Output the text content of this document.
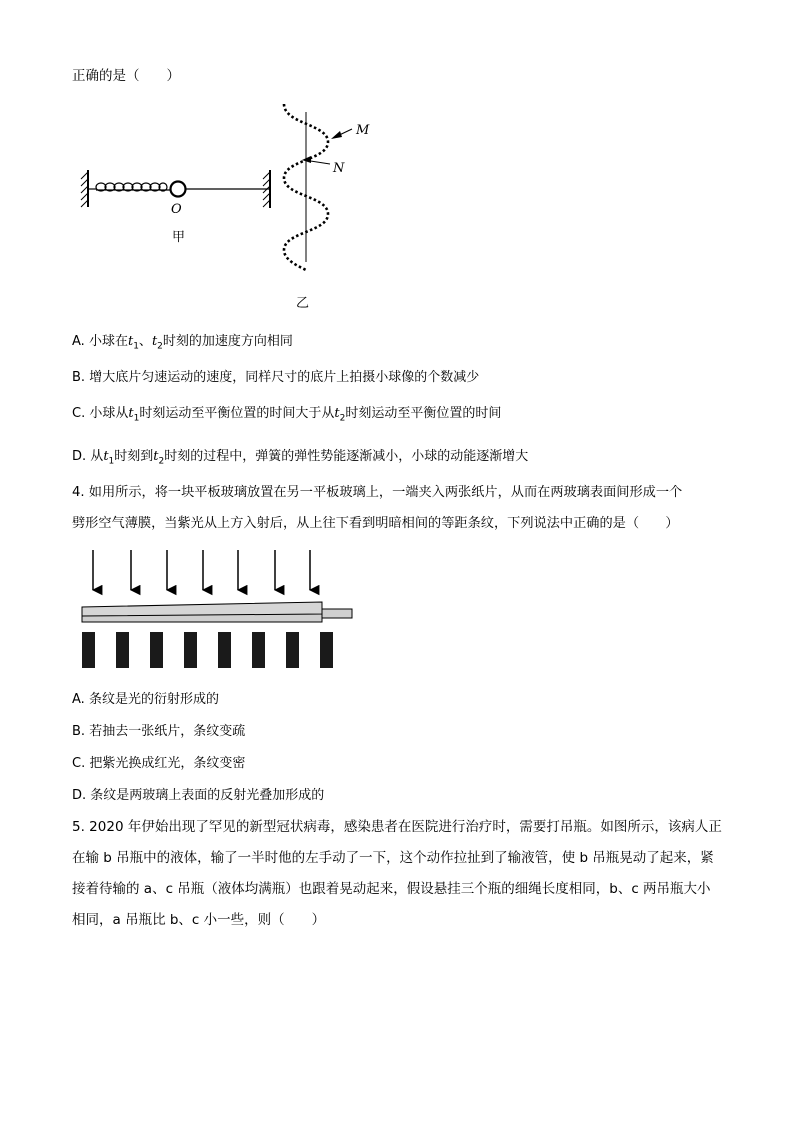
正确的是（　　）
M
N
O
甲
乙
A. 小球在$t_1$、$t_2$时刻的加速度方向相同
B. 增大底片匀速运动的速度，同样尺寸的底片上拍摄小球像的个数减少
C. 小球从$t_1$时刻运动至平衡位置的时间大于从$t_2$时刻运动至平衡位置的时间
D. 从$t_1$时刻到$t_2$时刻的过程中，弹簧的弹性势能逐渐减小，小球的动能逐渐增大
4. 如用所示，将一块平板玻璃放置在另一平板玻璃上，一端夹入两张纸片，从而在两玻璃表面间形成一个
劈形空气薄膜，当紫光从上方入射后，从上往下看到明暗相间的等距条纹，下列说法中正确的是（　　）
A. 条纹是光的衍射形成的
B. 若抽去一张纸片，条纹变疏
C. 把紫光换成红光，条纹变密
D. 条纹是两玻璃上表面的反射光叠加形成的
5. 2020 年伊始出现了罕见的新型冠状病毒，感染患者在医院进行治疗时，需要打吊瓶。如图所示，该病人正在输 b 吊瓶中的液体，输了一半时他的左手动了一下，这个动作拉扯到了输液管，使 b 吊瓶晃动了起来，紧接着待输的 a、c 吊瓶（液体均满瓶）也跟着晃动起来，假设悬挂三个瓶的细绳长度相同，b、c 两吊瓶大小相同，a 吊瓶比 b、c 小一些，则（　　）
